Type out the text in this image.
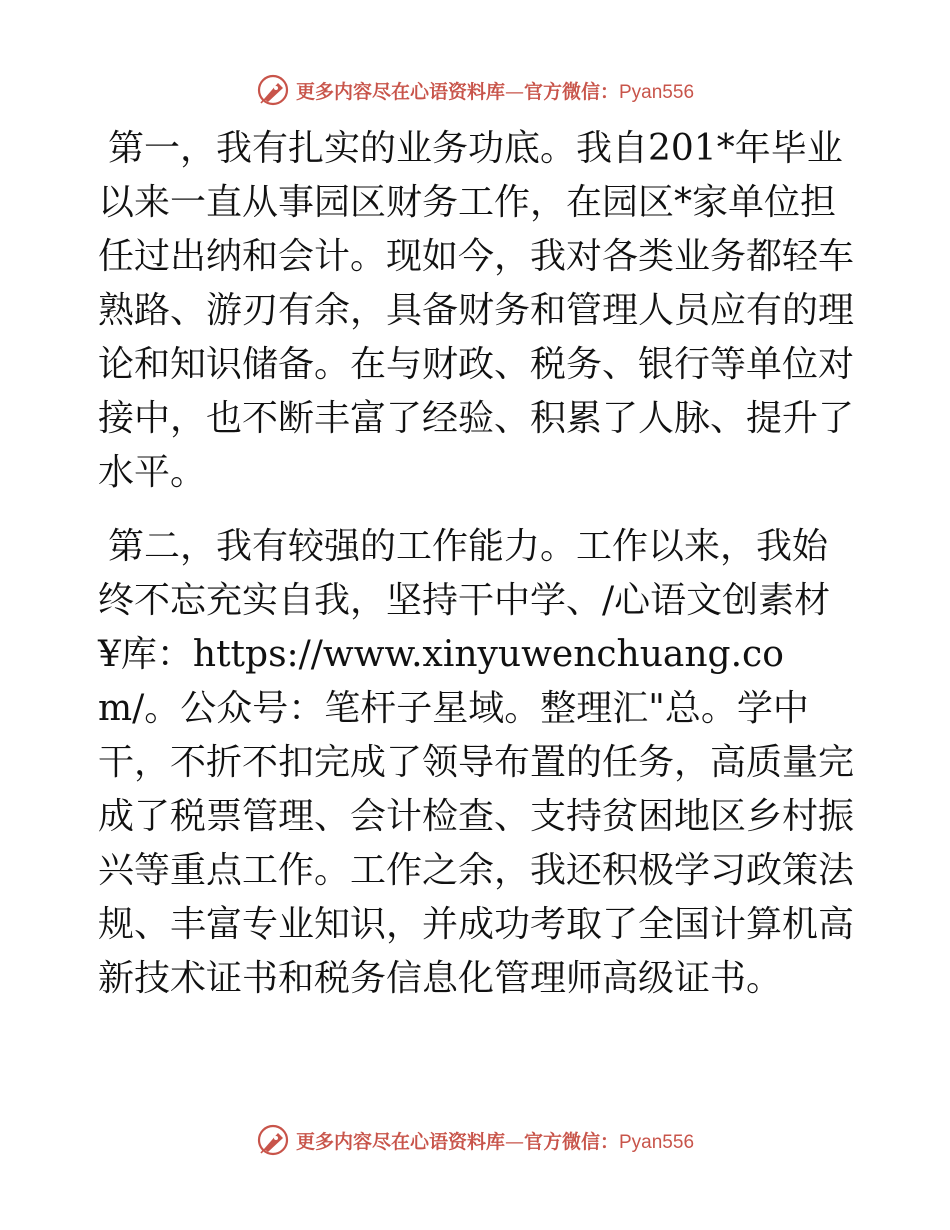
更多内容尽在心语资料库—官方微信：Pyan556

第一，我有扎实的业务功底。我自201*年毕业以来一直从事园区财务工作，在园区*家单位担任过出纳和会计。现如今，我对各类业务都轻车熟路、游刃有余，具备财务和管理人员应有的理论和知识储备。在与财政、税务、银行等单位对接中，也不断丰富了经验、积累了人脉、提升了水平。

第二，我有较强的工作能力。工作以来，我始终不忘充实自我，坚持干中学、/心语文创素材¥库：https://www.xinyuwenchuang.com/。公众号：笔杆子星域。整理汇"总。学中干，不折不扣完成了领导布置的任务，高质量完成了税票管理、会计检查、支持贫困地区乡村振兴等重点工作。工作之余，我还积极学习政策法规、丰富专业知识，并成功考取了全国计算机高新技术证书和税务信息化管理师高级证书。

更多内容尽在心语资料库—官方微信：Pyan556
